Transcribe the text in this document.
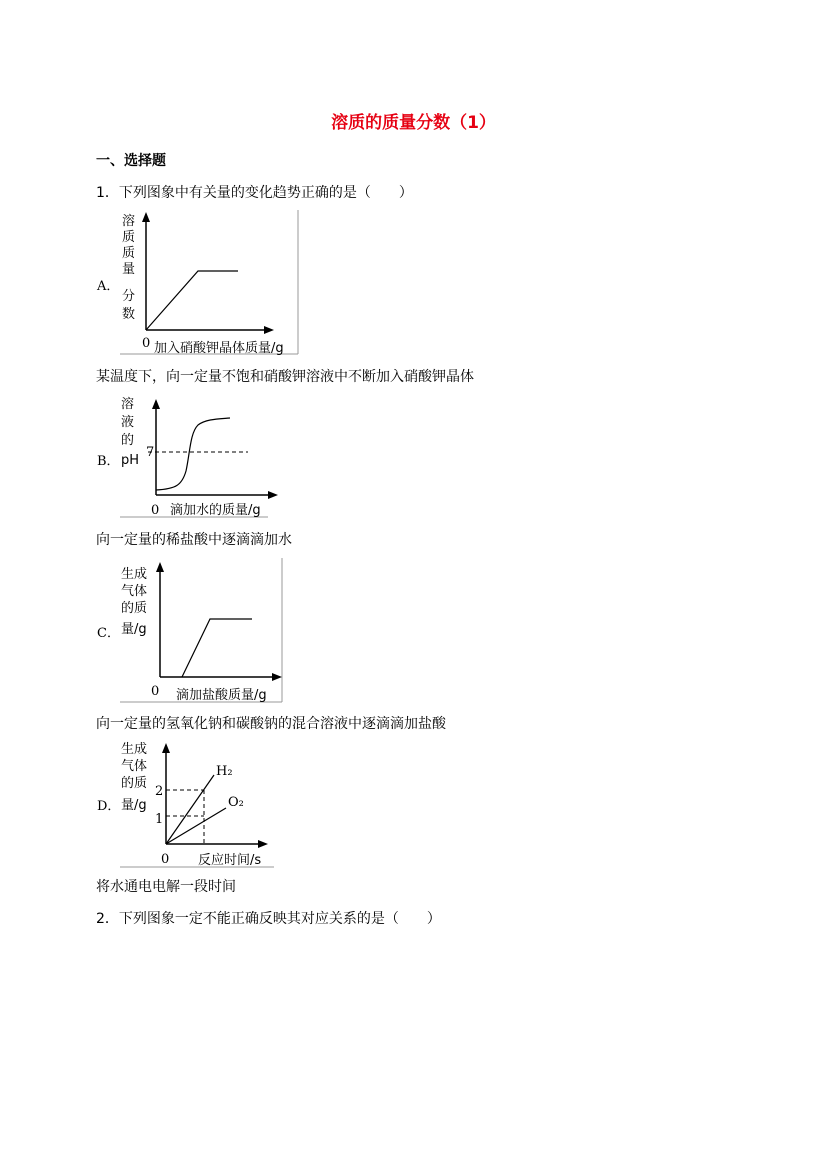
溶质的质量分数（1）
一、选择题
1．下列图象中有关量的变化趋势正确的是（　　）
A．
溶
质
质
量
分
数
0 加入硝酸钾晶体质量/g
某温度下，向一定量不饱和硝酸钾溶液中不断加入硝酸钾晶体
B．
溶
液
的
pH
7
0 滴加水的质量/g
向一定量的稀盐酸中逐滴滴加水
C．
生成
气体
的质
量/g
0 滴加盐酸质量/g
向一定量的氢氧化钠和碳酸钠的混合溶液中逐滴滴加盐酸
D．
生成
气体
的质
量/g
2
1
H₂
O₂
0 反应时间/s
将水通电电解一段时间
2．下列图象一定不能正确反映其对应关系的是（　　）
